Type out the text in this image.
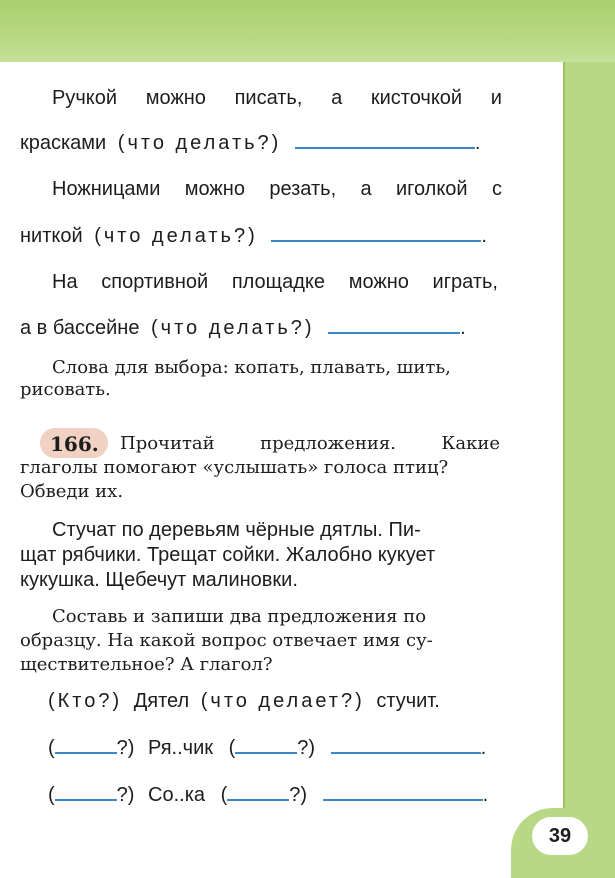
39
Ручкой можно писать, а кисточкой и
красками (что делать?)	.
Ножницами можно резать, а иголкой с
ниткой (что делать?)	.
На спортивной площадке можно играть,
а в бассейне (что делать?)	.
Слова для выбора: копать, плавать, шить,
рисовать.
166. Прочитай	предложения.	Какие
глаголы помогают «услышать» голоса птиц?
Обведи их.
Стучат по деревьям чёрные дятлы. Пи-
щат рябчики. Трещат сойки. Жалобно кукует
кукушка. Щебечут малиновки.
Составь и запиши два предложения по
образцу. На какой вопрос отвечает имя су-
ществительное? А глагол?
(Кто?) Дятел (что делает?) стучит.
(	?) Ря..чик (	?)	.
(	?) Со..ка (	?)	.
